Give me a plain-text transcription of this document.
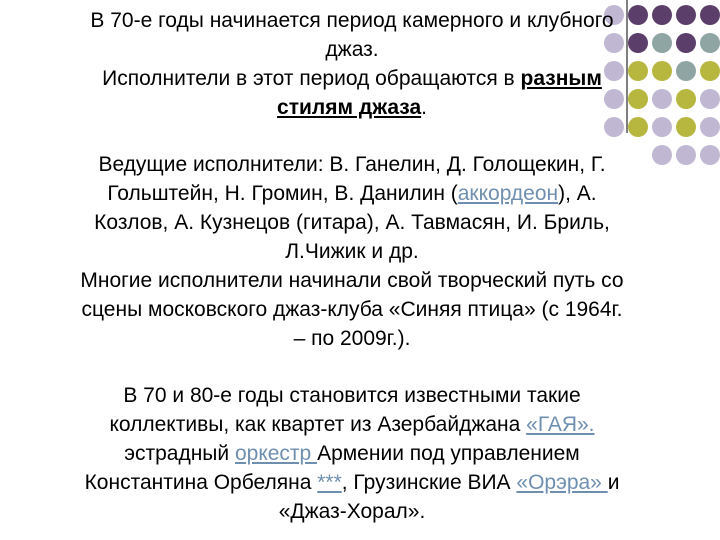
В 70-е годы начинается период камерного и клубного
джаз.
Исполнители в этот период обращаются в разным
стилям джаза.
Ведущие исполнители: В. Ганелин, Д. Голощекин, Г.
Гольштейн, Н. Громин, В. Данилин (аккордеон), А.
Козлов, А. Кузнецов (гитара), А. Тавмасян, И. Бриль,
Л.Чижик и др.
Многие исполнители начинали свой творческий путь со
сцены московского джаз-клуба «Синяя птица» (с 1964г.
– по 2009г.).
В 70 и 80-е годы становится известными такие
коллективы, как квартет из Азербайджана «ГАЯ».
эстрадный оркестр Армении под управлением
Константина Орбеляна ***, Грузинские ВИА «Орэра» и
«Джаз-Хорал».
